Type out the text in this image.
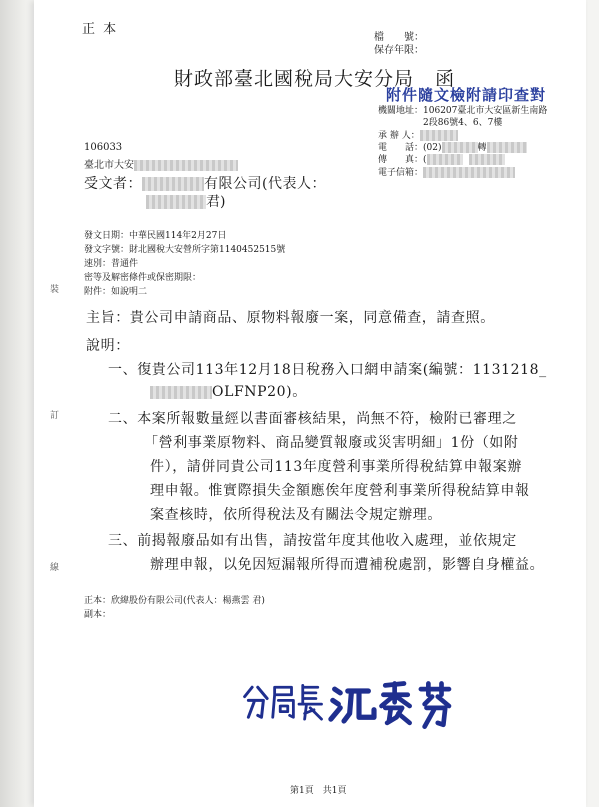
正 本
檔　　號：
保存年限：
財政部臺北國稅局大安分局 函
附件隨文檢附請印查對
機關地址：106207臺北市大安區新生南路
2段86號4、6、7樓
承 辦 人：
電　　話：(02)	轉
傳　　真：(
電子信箱：
106033
臺北市大安
受文者：	有限公司(代表人：
君)
發文日期：中華民國114年2月27日
發文字號：財北國稅大安營所字第1140452515號
速別：普通件
密等及解密條件或保密期限：
附件：如說明二
裝
訂
線
主旨：貴公司申請商品、原物料報廢一案，同意備查，請查照。
說明：
一、復貴公司113年12月18日稅務入口網申請案(編號：1131218_
OLFNP20)。
二、本案所報數量經以書面審核結果，尚無不符，檢附已審理之
「營利事業原物料、商品變質報廢或災害明細」1份（如附
件），請併同貴公司113年度營利事業所得稅結算申報案辦
理申報。惟實際損失金額應俟年度營利事業所得稅結算申報
案查核時，依所得稅法及有關法令規定辦理。
三、前揭報廢品如有出售，請按當年度其他收入處理，並依規定
辦理申報，以免因短漏報所得而遭補稅處罰，影響自身權益。
正本：欣緯股份有限公司(代表人：楊燕雲 君)
副本：
第1頁　共1頁
